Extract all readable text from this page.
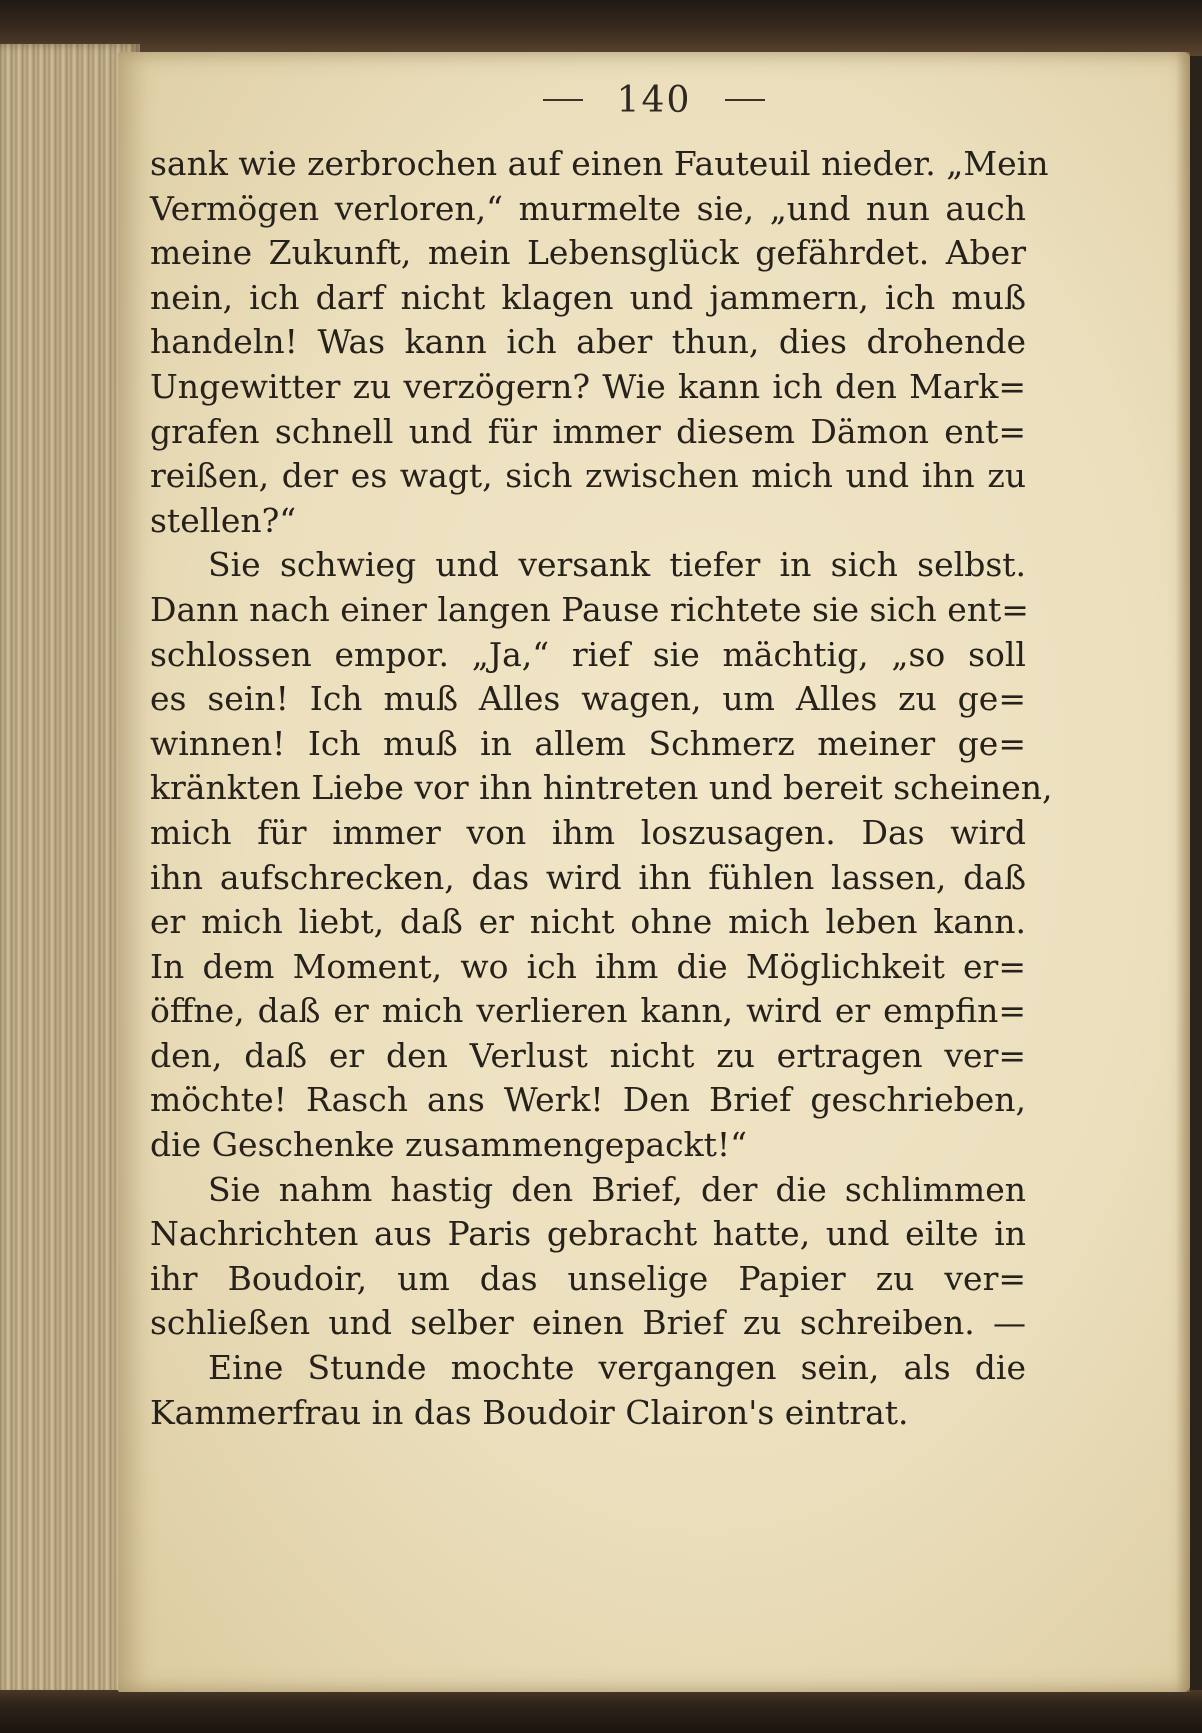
140
sank wie zerbrochen auf einen Fauteuil nieder. „Mein
Vermögen verloren,“ murmelte sie, „und nun auch
meine Zukunft, mein Lebensglück gefährdet. Aber
nein, ich darf nicht klagen und jammern, ich muß
handeln! Was kann ich aber thun, dies drohende
Ungewitter zu verzögern? Wie kann ich den Mark=
grafen schnell und für immer diesem Dämon ent=
reißen, der es wagt, sich zwischen mich und ihn zu
stellen?“
Sie schwieg und versank tiefer in sich selbst.
Dann nach einer langen Pause richtete sie sich ent=
schlossen empor. „Ja,“ rief sie mächtig, „so soll
es sein! Ich muß Alles wagen, um Alles zu ge=
winnen! Ich muß in allem Schmerz meiner ge=
kränkten Liebe vor ihn hintreten und bereit scheinen,
mich für immer von ihm loszusagen. Das wird
ihn aufschrecken, das wird ihn fühlen lassen, daß
er mich liebt, daß er nicht ohne mich leben kann.
In dem Moment, wo ich ihm die Möglichkeit er=
öffne, daß er mich verlieren kann, wird er empfin=
den, daß er den Verlust nicht zu ertragen ver=
möchte! Rasch ans Werk! Den Brief geschrieben,
die Geschenke zusammengepackt!“
Sie nahm hastig den Brief, der die schlimmen
Nachrichten aus Paris gebracht hatte, und eilte in
ihr Boudoir, um das unselige Papier zu ver=
schließen und selber einen Brief zu schreiben. —
Eine Stunde mochte vergangen sein, als die
Kammerfrau in das Boudoir Clairon's eintrat.
